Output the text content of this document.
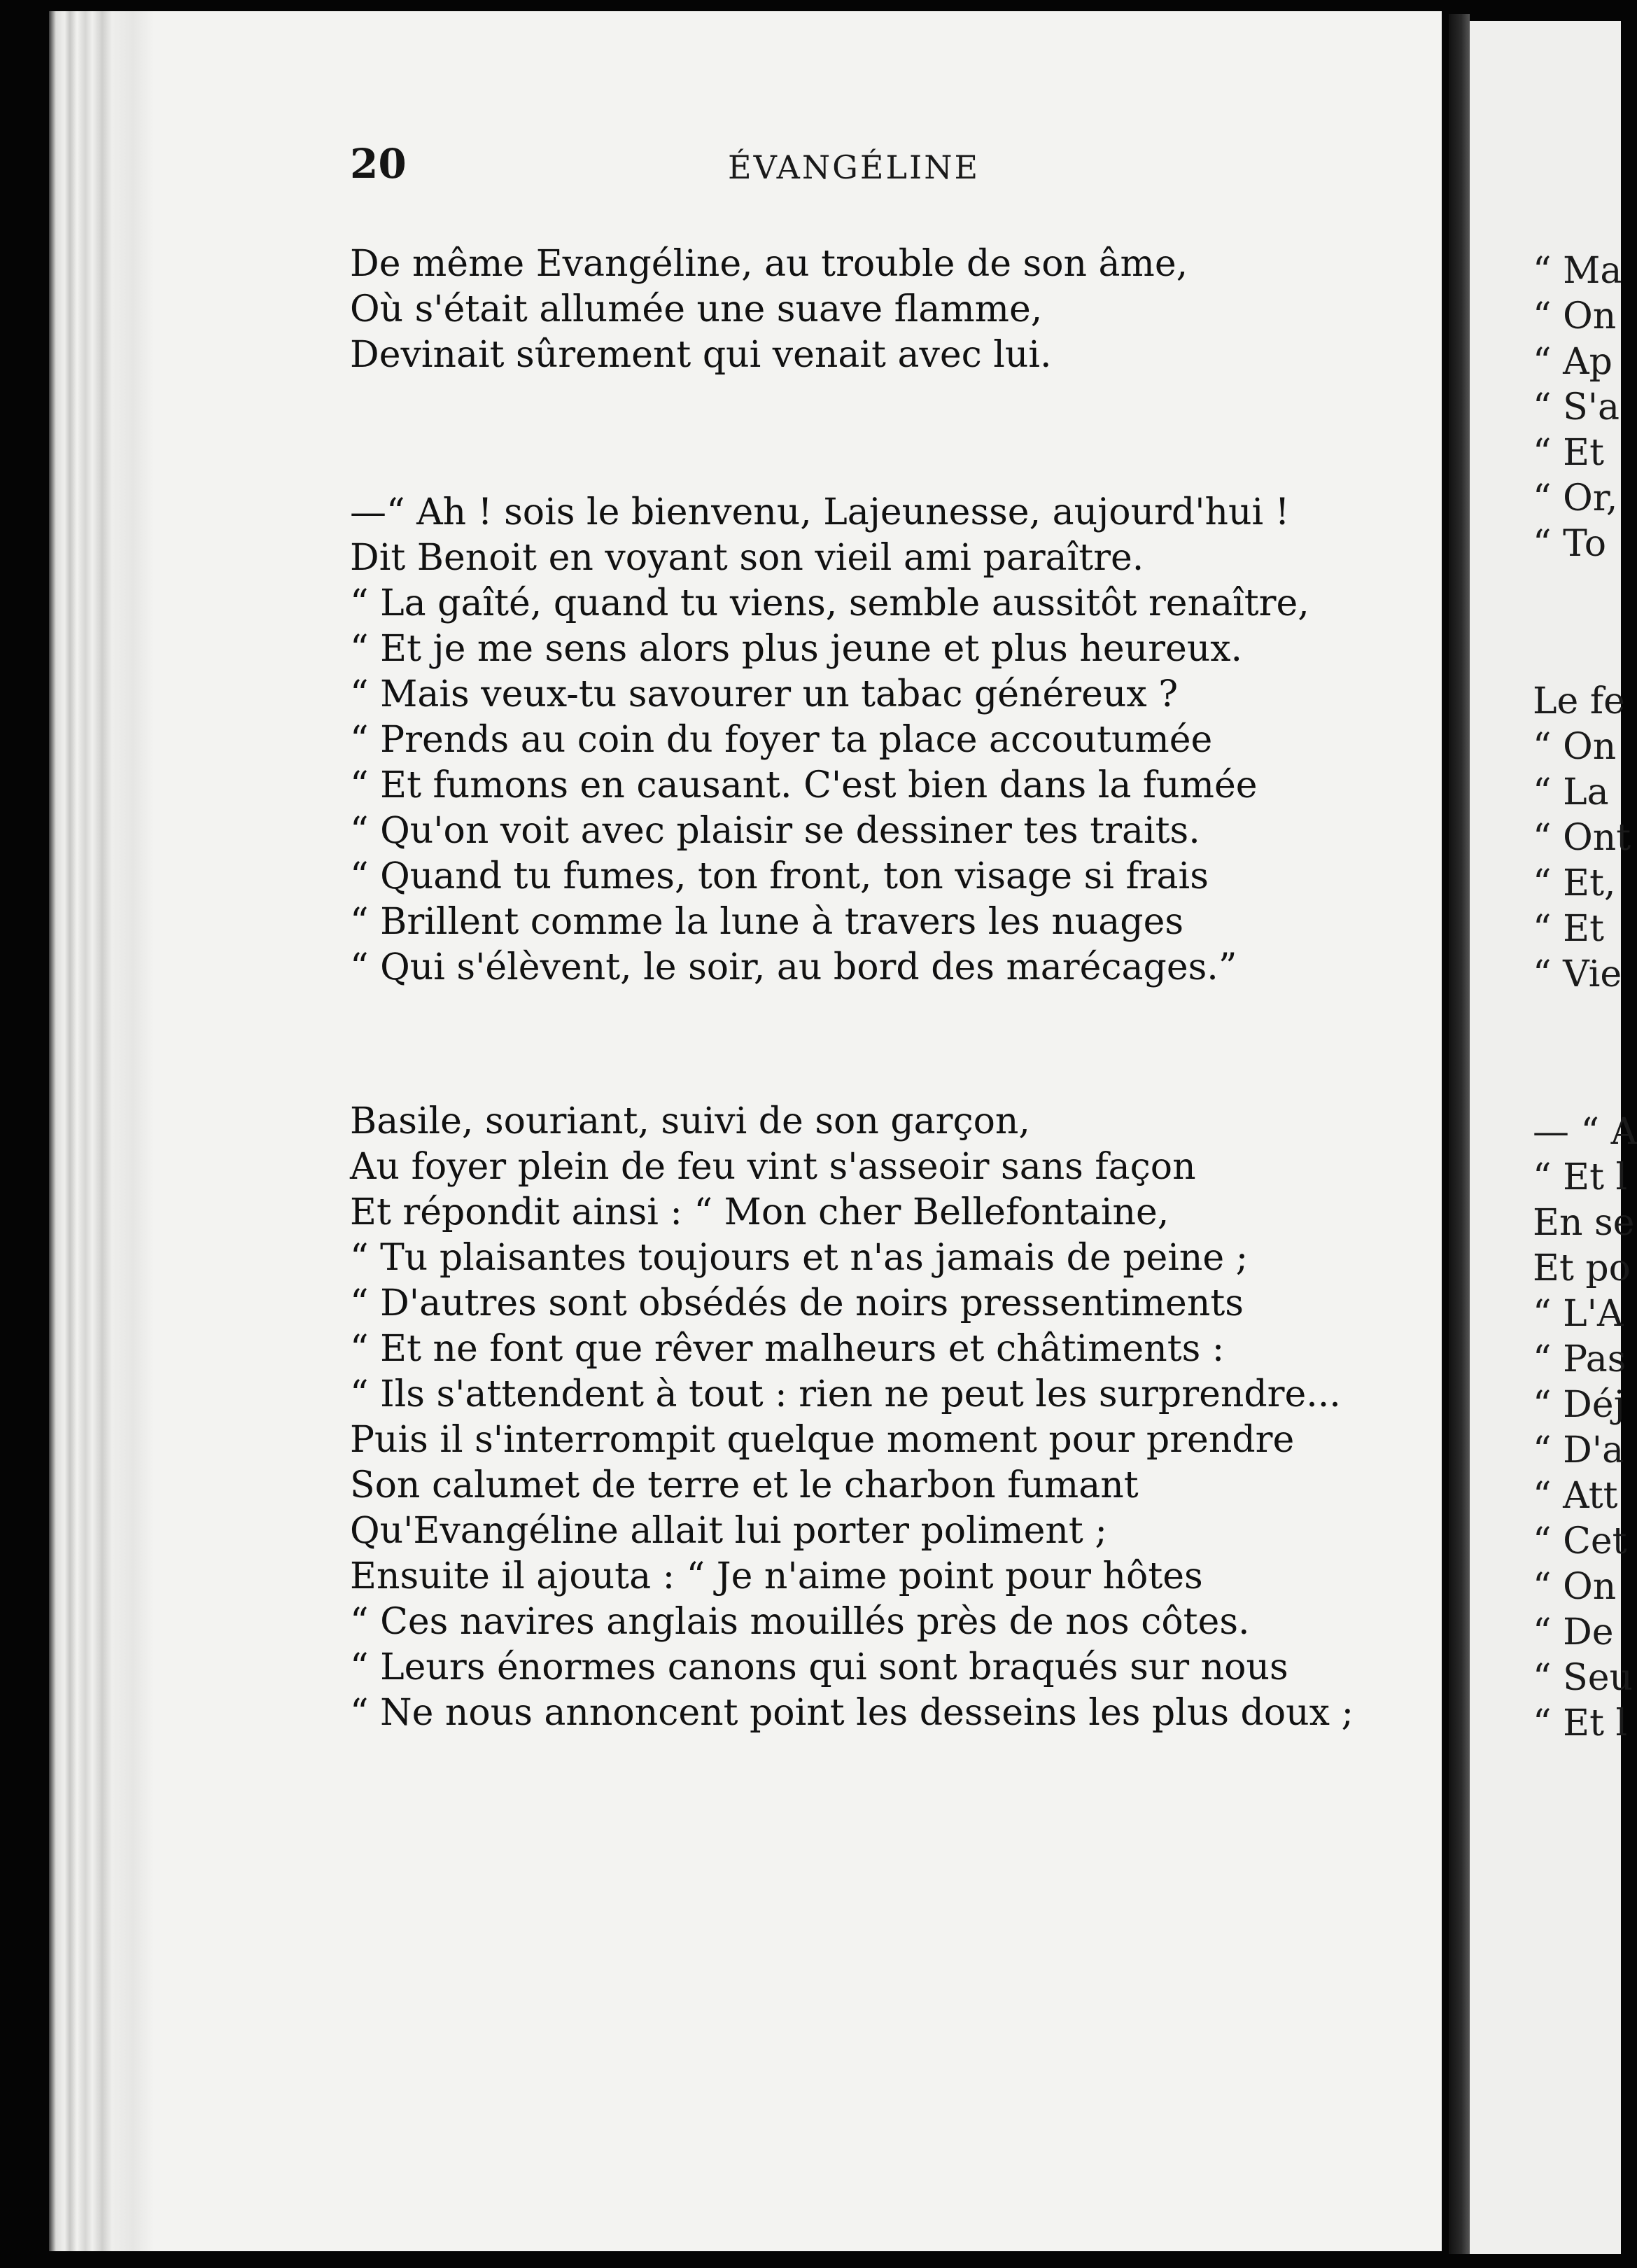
20	ÉVANGÉLINE
De même Evangéline, au trouble de son âme,
Où s'était allumée une suave flamme,
Devinait sûrement qui venait avec lui.
—“ Ah ! sois le bienvenu, Lajeunesse, aujourd'hui !
Dit Benoit en voyant son vieil ami paraître.
“ La gaîté, quand tu viens, semble aussitôt renaître,
“ Et je me sens alors plus jeune et plus heureux.
“ Mais veux-tu savourer un tabac généreux ?
“ Prends au coin du foyer ta place accoutumée
“ Et fumons en causant. C'est bien dans la fumée
“ Qu'on voit avec plaisir se dessiner tes traits.
“ Quand tu fumes, ton front, ton visage si frais
“ Brillent comme la lune à travers les nuages
“ Qui s'élèvent, le soir, au bord des marécages.”
Basile, souriant, suivi de son garçon,
Au foyer plein de feu vint s'asseoir sans façon
Et répondit ainsi : “ Mon cher Bellefontaine,
“ Tu plaisantes toujours et n'as jamais de peine ;
“ D'autres sont obsédés de noirs pressentiments
“ Et ne font que rêver malheurs et châtiments :
“ Ils s'attendent à tout : rien ne peut les surprendre...
Puis il s'interrompit quelque moment pour prendre
Son calumet de terre et le charbon fumant
Qu'Evangéline allait lui porter poliment ;
Ensuite il ajouta : “ Je n'aime point pour hôtes
“ Ces navires anglais mouillés près de nos côtes.
“ Leurs énormes canons qui sont braqués sur nous
“ Ne nous annoncent point les desseins les plus doux ;
“ Ma
“ On
“ Ap
“ S'a
“ Et
“ Or,
“ To
Le fe
“ On
“ La
“ Ont
“ Et,
“ Et
“ Vie
— “ A
“ Et l
En se
Et po
“ L'A
“ Pas
“ Déj
“ D'a
“ Att
“ Cet
“ On
“ De
“ Seu
“ Et l
